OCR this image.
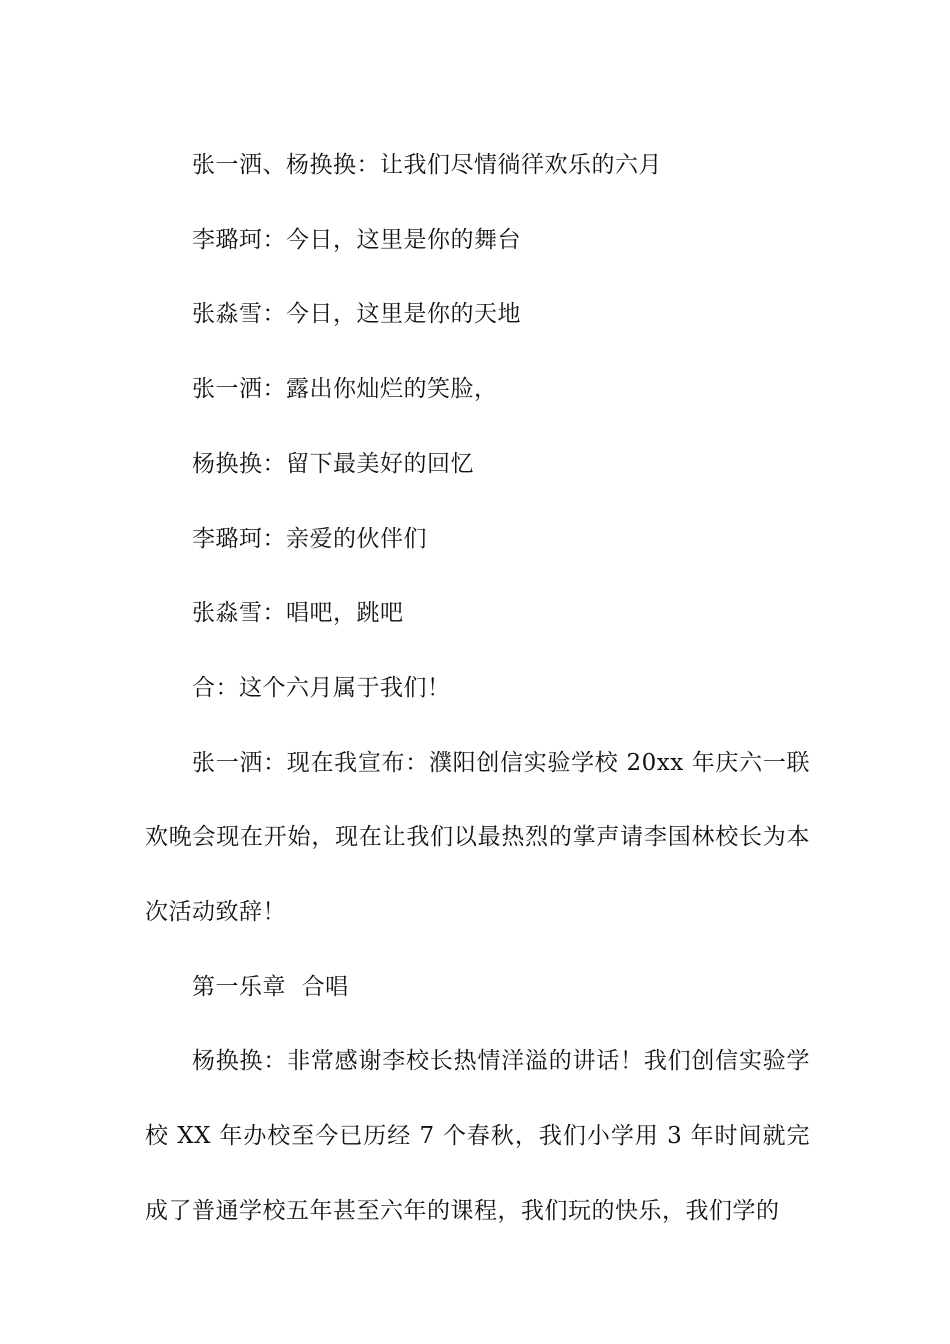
张一洒、杨换换：让我们尽情徜徉欢乐的六月

李璐珂：今日，这里是你的舞台

张淼雪：今日，这里是你的天地

张一洒：露出你灿烂的笑脸，

杨换换：留下最美好的回忆

李璐珂：亲爱的伙伴们

张淼雪：唱吧，跳吧

合：这个六月属于我们！

张一洒：现在我宣布：濮阳创信实验学校 20xx 年庆六一联欢晚会现在开始，现在让我们以最热烈的掌声请李国林校长为本次活动致辞！

第一乐章  合唱

杨换换：非常感谢李校长热情洋溢的讲话！我们创信实验学校 XX 年办校至今已历经 7 个春秋，我们小学用 3 年时间就完成了普通学校五年甚至六年的课程，我们玩的快乐，我们学的
